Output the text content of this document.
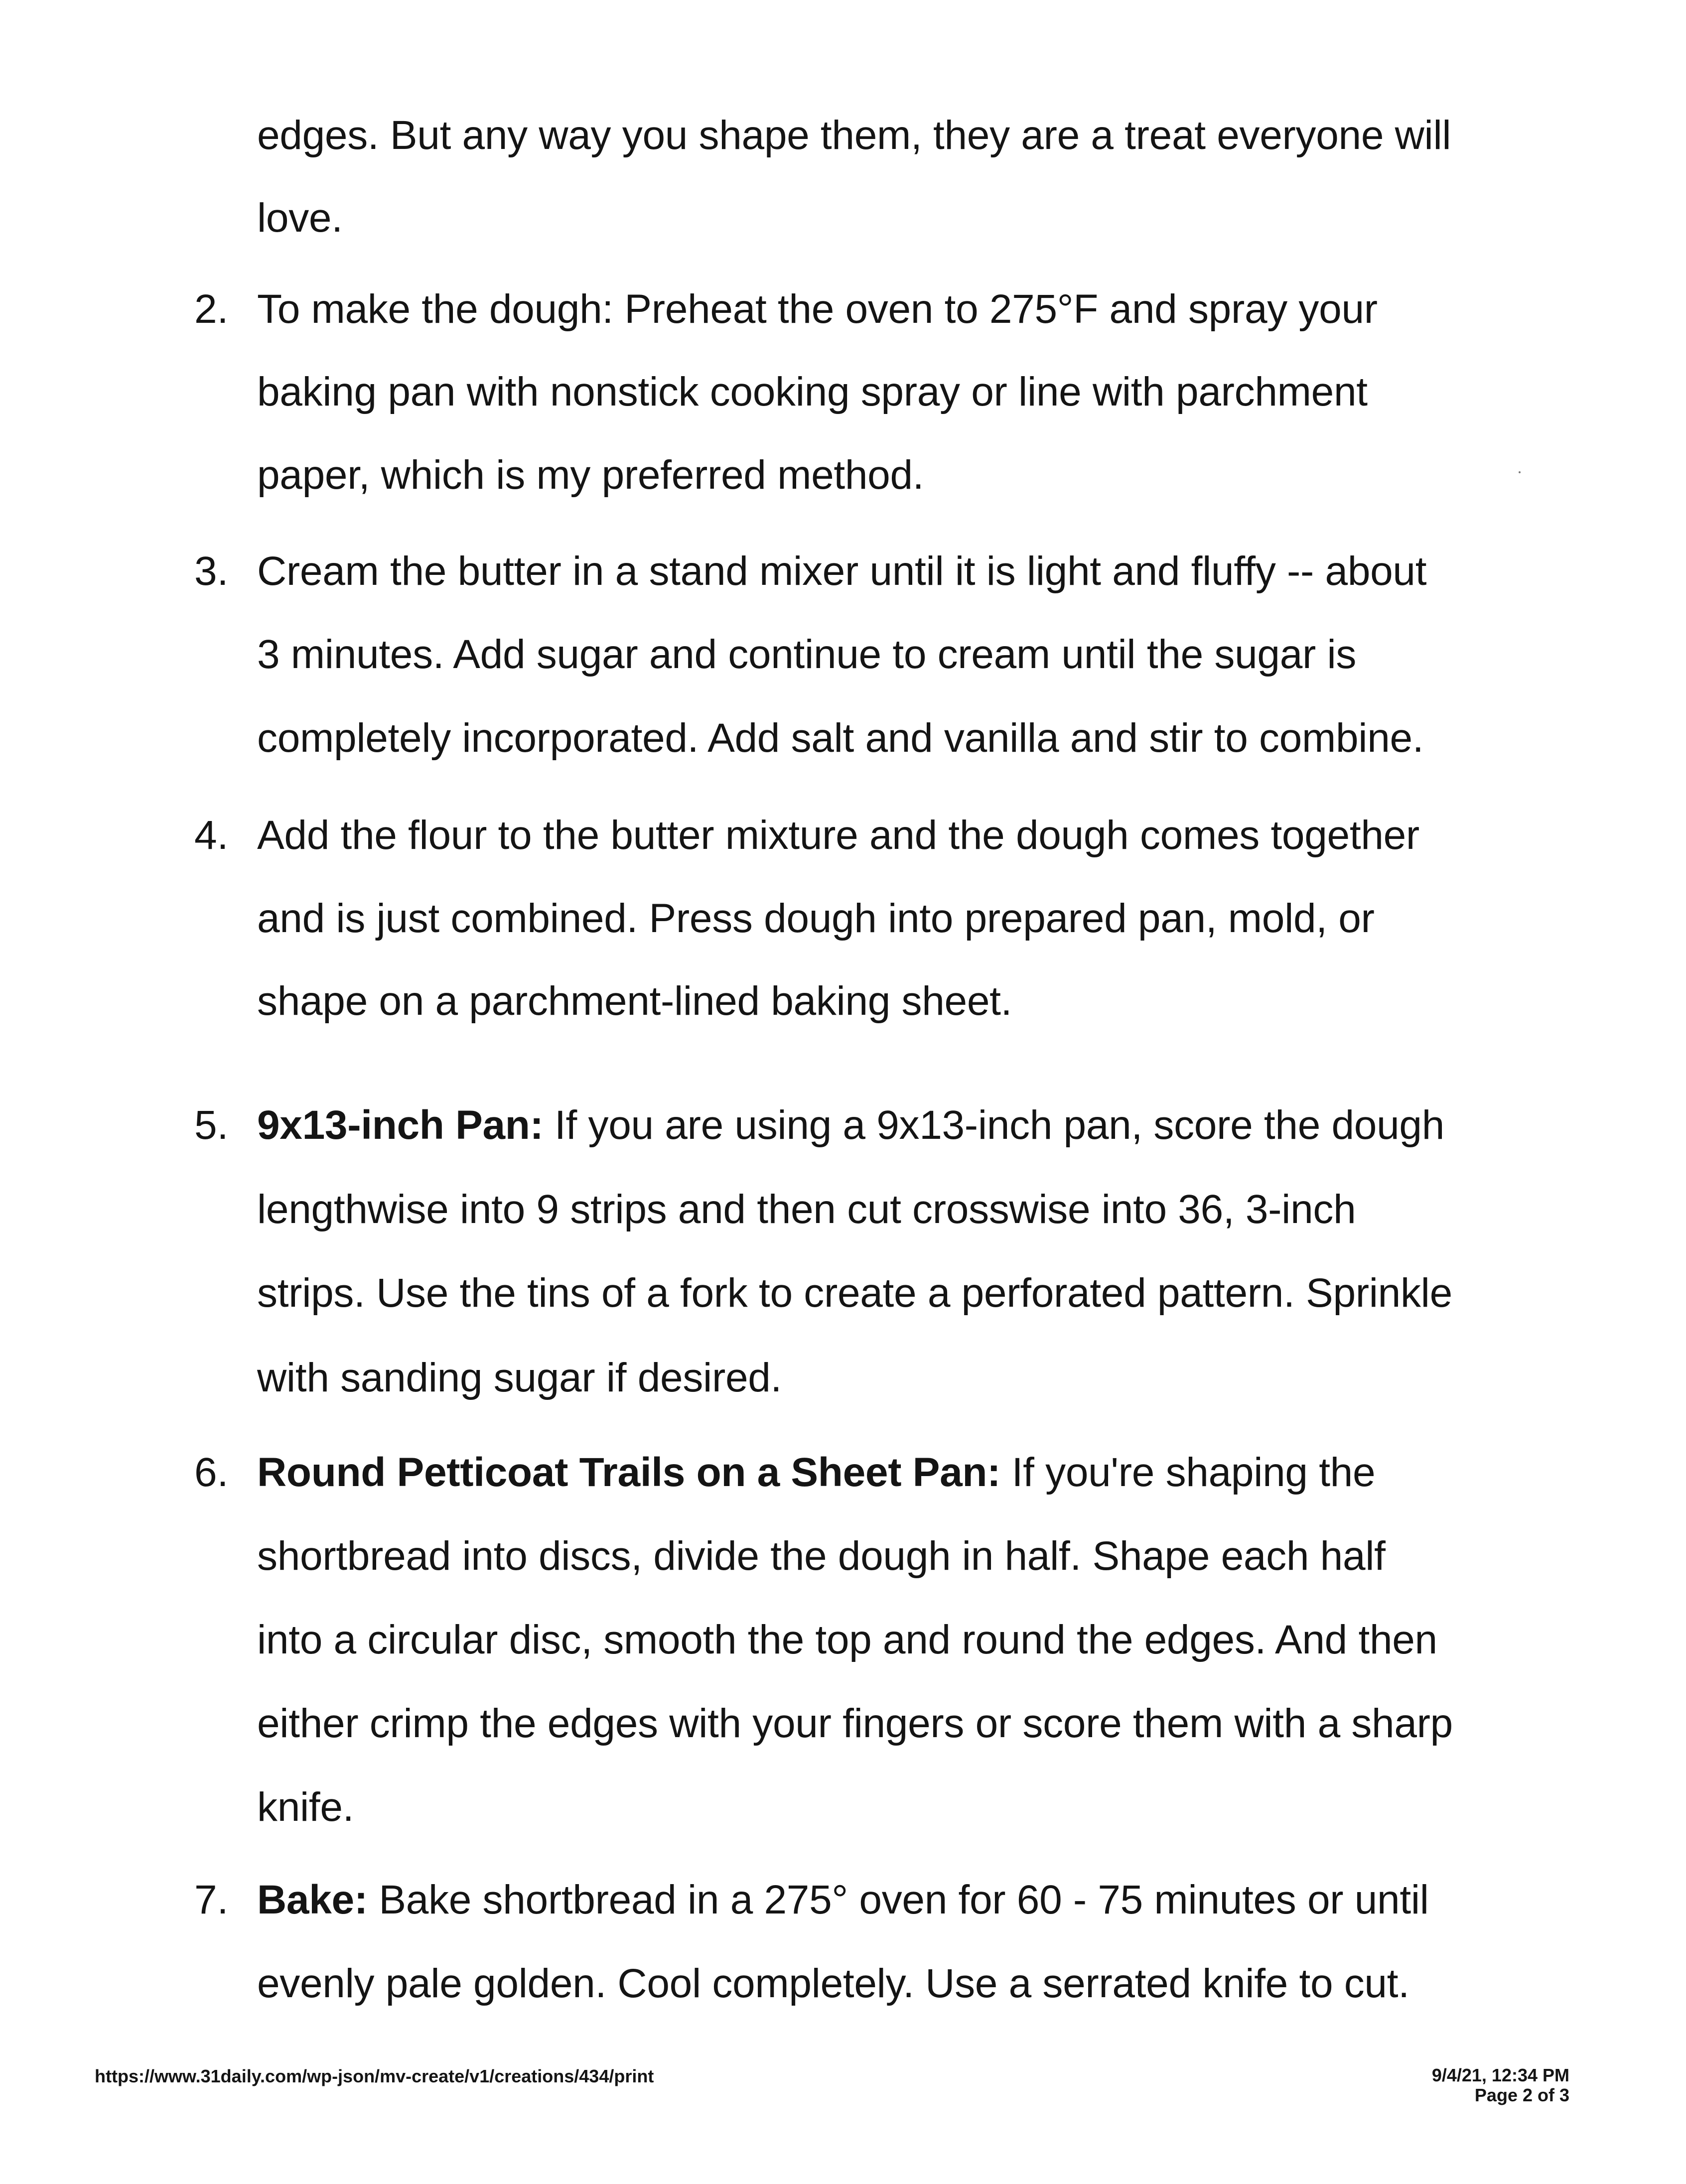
edges. But any way you shape them, they are a treat everyone will
love.
2. To make the dough: Preheat the oven to 275°F and spray your
baking pan with nonstick cooking spray or line with parchment
paper, which is my preferred method.
3. Cream the butter in a stand mixer until it is light and fluffy -- about
3 minutes. Add sugar and continue to cream until the sugar is
completely incorporated. Add salt and vanilla and stir to combine.
4. Add the flour to the butter mixture and the dough comes together
and is just combined. Press dough into prepared pan, mold, or
shape on a parchment-lined baking sheet.
5. 9x13-inch Pan: If you are using a 9x13-inch pan, score the dough
lengthwise into 9 strips and then cut crosswise into 36, 3-inch
strips. Use the tins of a fork to create a perforated pattern. Sprinkle
with sanding sugar if desired.
6. Round Petticoat Trails on a Sheet Pan: If you're shaping the
shortbread into discs, divide the dough in half. Shape each half
into a circular disc, smooth the top and round the edges. And then
either crimp the edges with your fingers or score them with a sharp
knife.
7. Bake: Bake shortbread in a 275° oven for 60 - 75 minutes or until
evenly pale golden. Cool completely. Use a serrated knife to cut.
https://www.31daily.com/wp-json/mv-create/v1/creations/434/print	9/4/21, 12:34 PM
Page 2 of 3
